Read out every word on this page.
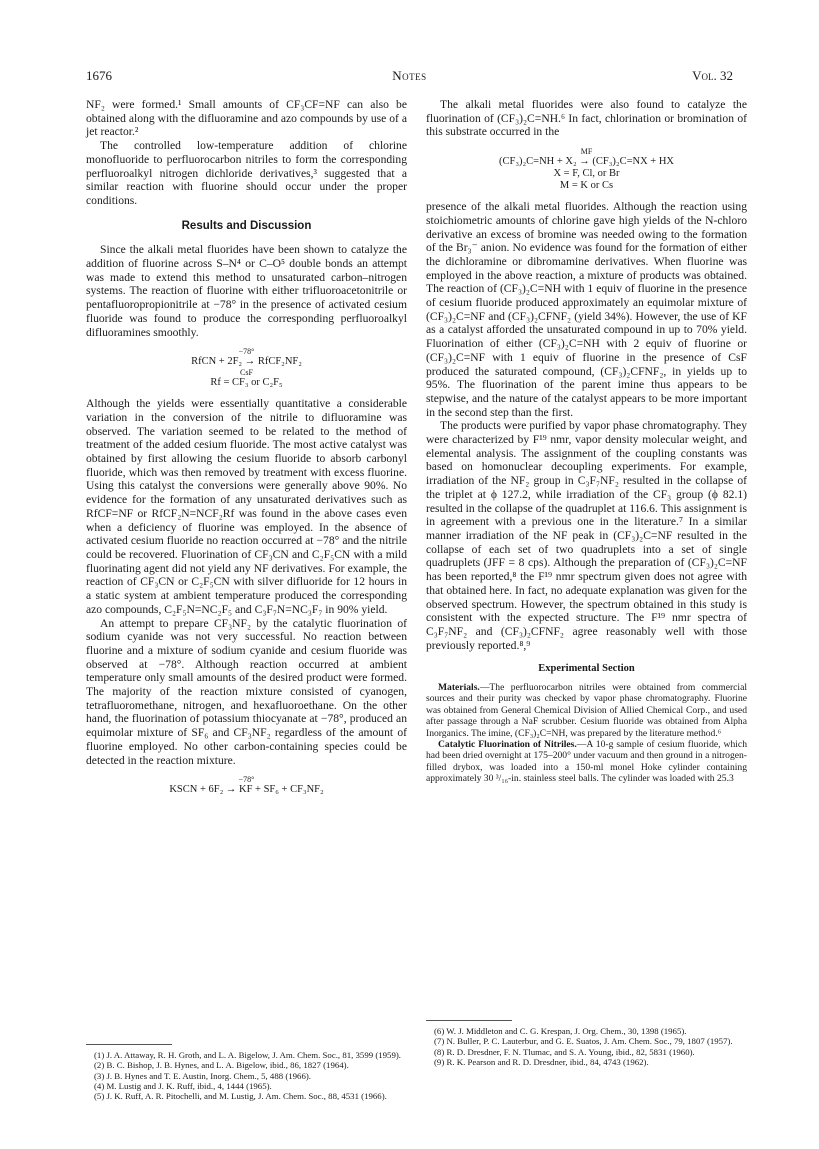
1676	Notes	Vol. 32

NF₂ were formed.¹ Small amounts of CF₃CF=NF can also be obtained along with the difluoramine and azo compounds by use of a jet reactor.²

The controlled low-temperature addition of chlorine monofluoride to perfluorocarbon nitriles to form the corresponding perfluoroalkyl nitrogen dichloride derivatives,³ suggested that a similar reaction with fluorine should occur under the proper conditions.

Results and Discussion

Since the alkali metal fluorides have been shown to catalyze the addition of fluorine across S–N⁴ or C–O⁵ double bonds an attempt was made to extend this method to unsaturated carbon–nitrogen systems. The reaction of fluorine with either trifluoroacetonitrile or pentafluoropropionitrile at −78° in the presence of activated cesium fluoride was found to produce the corresponding perfluoroalkyl difluoramines smoothly.

−78°
RfCN + 2F₂ → RfCF₂NF₂
CsF
Rf = CF₃ or C₂F₅

Although the yields were essentially quantitative a considerable variation in the conversion of the nitrile to difluoramine was observed. The variation seemed to be related to the method of treatment of the added cesium fluoride. The most active catalyst was obtained by first allowing the cesium fluoride to absorb carbonyl fluoride, which was then removed by treatment with excess fluorine. Using this catalyst the conversions were generally above 90%. No evidence for the formation of any unsaturated derivatives such as RfCF=NF or RfCF₂N=NCF₂Rf was found in the above cases even when a deficiency of fluorine was employed. In the absence of activated cesium fluoride no reaction occurred at −78° and the nitrile could be recovered. Fluorination of CF₃CN and C₂F₅CN with a mild fluorinating agent did not yield any NF derivatives. For example, the reaction of CF₃CN or C₂F₅CN with silver difluoride for 12 hours in a static system at ambient temperature produced the corresponding azo compounds, C₂F₅N=NC₂F₅ and C₃F₇N=NC₃F₇ in 90% yield.

An attempt to prepare CF₃NF₂ by the catalytic fluorination of sodium cyanide was not very successful. No reaction between fluorine and a mixture of sodium cyanide and cesium fluoride was observed at −78°. Although reaction occurred at ambient temperature only small amounts of the desired product were formed. The majority of the reaction mixture consisted of cyanogen, tetrafluoromethane, nitrogen, and hexafluoroethane. On the other hand, the fluorination of potassium thiocyanate at −78°, produced an equimolar mixture of SF₆ and CF₃NF₂ regardless of the amount of fluorine employed. No other carbon-containing species could be detected in the reaction mixture.

−78°
KSCN + 6F₂ → KF + SF₆ + CF₃NF₂

The alkali metal fluorides were also found to catalyze the fluorination of (CF₃)₂C=NH.⁶ In fact, chlorination or bromination of this substrate occurred in the

MF
(CF₃)₂C=NH + X₂ → (CF₃)₂C=NX + HX
X = F, Cl, or Br
M = K or Cs

presence of the alkali metal fluorides. Although the reaction using stoichiometric amounts of chlorine gave high yields of the N-chloro derivative an excess of bromine was needed owing to the formation of the Br₃⁻ anion. No evidence was found for the formation of either the dichloramine or dibromamine derivatives. When fluorine was employed in the above reaction, a mixture of products was obtained. The reaction of (CF₃)₂C=NH with 1 equiv of fluorine in the presence of cesium fluoride produced approximately an equimolar mixture of (CF₃)₂C=NF and (CF₃)₂CFNF₂ (yield 34%). However, the use of KF as a catalyst afforded the unsaturated compound in up to 70% yield. Fluorination of either (CF₃)₂C=NH with 2 equiv of fluorine or (CF₃)₂C=NF with 1 equiv of fluorine in the presence of CsF produced the saturated compound, (CF₃)₂CFNF₂, in yields up to 95%. The fluorination of the parent imine thus appears to be stepwise, and the nature of the catalyst appears to be more important in the second step than the first.

The products were purified by vapor phase chromatography. They were characterized by F¹⁹ nmr, vapor density molecular weight, and elemental analysis. The assignment of the coupling constants was based on homonuclear decoupling experiments. For example, irradiation of the NF₂ group in C₃F₇NF₂ resulted in the collapse of the triplet at ϕ 127.2, while irradiation of the CF₃ group (ϕ 82.1) resulted in the collapse of the quadruplet at 116.6. This assignment is in agreement with a previous one in the literature.⁷ In a similar manner irradiation of the NF peak in (CF₃)₂C=NF resulted in the collapse of each set of two quadruplets into a set of single quadruplets (JFF = 8 cps). Although the preparation of (CF₃)₂C=NF has been reported,⁸ the F¹⁹ nmr spectrum given does not agree with that obtained here. In fact, no adequate explanation was given for the observed spectrum. However, the spectrum obtained in this study is consistent with the expected structure. The F¹⁹ nmr spectra of C₃F₇NF₂ and (CF₃)₂CFNF₂ agree reasonably well with those previously reported.⁸,⁹

Experimental Section

Materials.—The perfluorocarbon nitriles were obtained from commercial sources and their purity was checked by vapor phase chromatography. Fluorine was obtained from General Chemical Division of Allied Chemical Corp., and used after passage through a NaF scrubber. Cesium fluoride was obtained from Alpha Inorganics. The imine, (CF₃)₂C=NH, was prepared by the literature method.⁶

Catalytic Fluorination of Nitriles.—A 10-g sample of cesium fluoride, which had been dried overnight at 175–200° under vacuum and then ground in a nitrogen-filled drybox, was loaded into a 150-ml monel Hoke cylinder containing approximately 30 ³/₁₆-in. stainless steel balls. The cylinder was loaded with 25.3

(1) J. A. Attaway, R. H. Groth, and L. A. Bigelow, J. Am. Chem. Soc., 81, 3599 (1959).
(2) B. C. Bishop, J. B. Hynes, and L. A. Bigelow, ibid., 86, 1827 (1964).
(3) J. B. Hynes and T. E. Austin, Inorg. Chem., 5, 488 (1966).
(4) M. Lustig and J. K. Ruff, ibid., 4, 1444 (1965).
(5) J. K. Ruff, A. R. Pitochelli, and M. Lustig, J. Am. Chem. Soc., 88, 4531 (1966).
(6) W. J. Middleton and C. G. Krespan, J. Org. Chem., 30, 1398 (1965).
(7) N. Buller, P. C. Lauterbur, and G. E. Suatos, J. Am. Chem. Soc., 79, 1807 (1957).
(8) R. D. Dresdner, F. N. Tlumac, and S. A. Young, ibid., 82, 5831 (1960).
(9) R. K. Pearson and R. D. Dresdner, ibid., 84, 4743 (1962).
